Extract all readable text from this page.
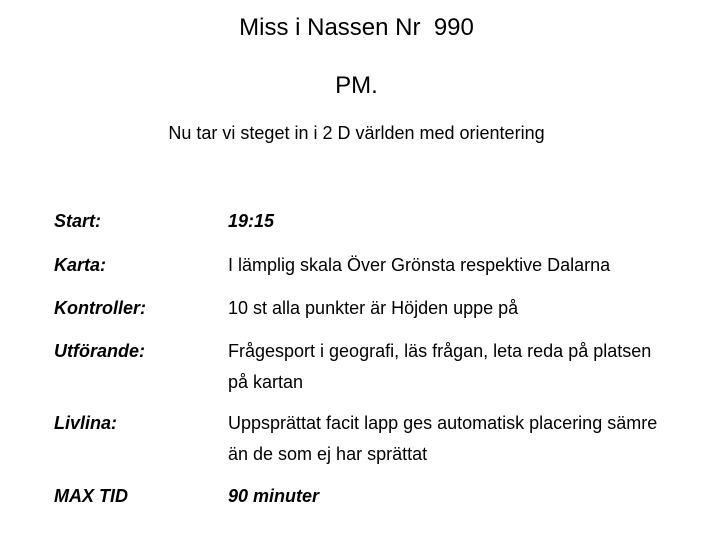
Miss i Nassen Nr  990
PM.
Nu tar vi steget in i 2 D världen med orientering
Start:	19:15
Karta:	I lämplig skala Över Grönsta respektive Dalarna
Kontroller:	10 st alla punkter är Höjden uppe på
Utförande:	Frågesport i geografi, läs frågan, leta reda på platsen på kartan
Livlina:	Uppsprättat facit lapp ges automatisk placering sämre än de som ej har sprättat
MAX TID	90 minuter
